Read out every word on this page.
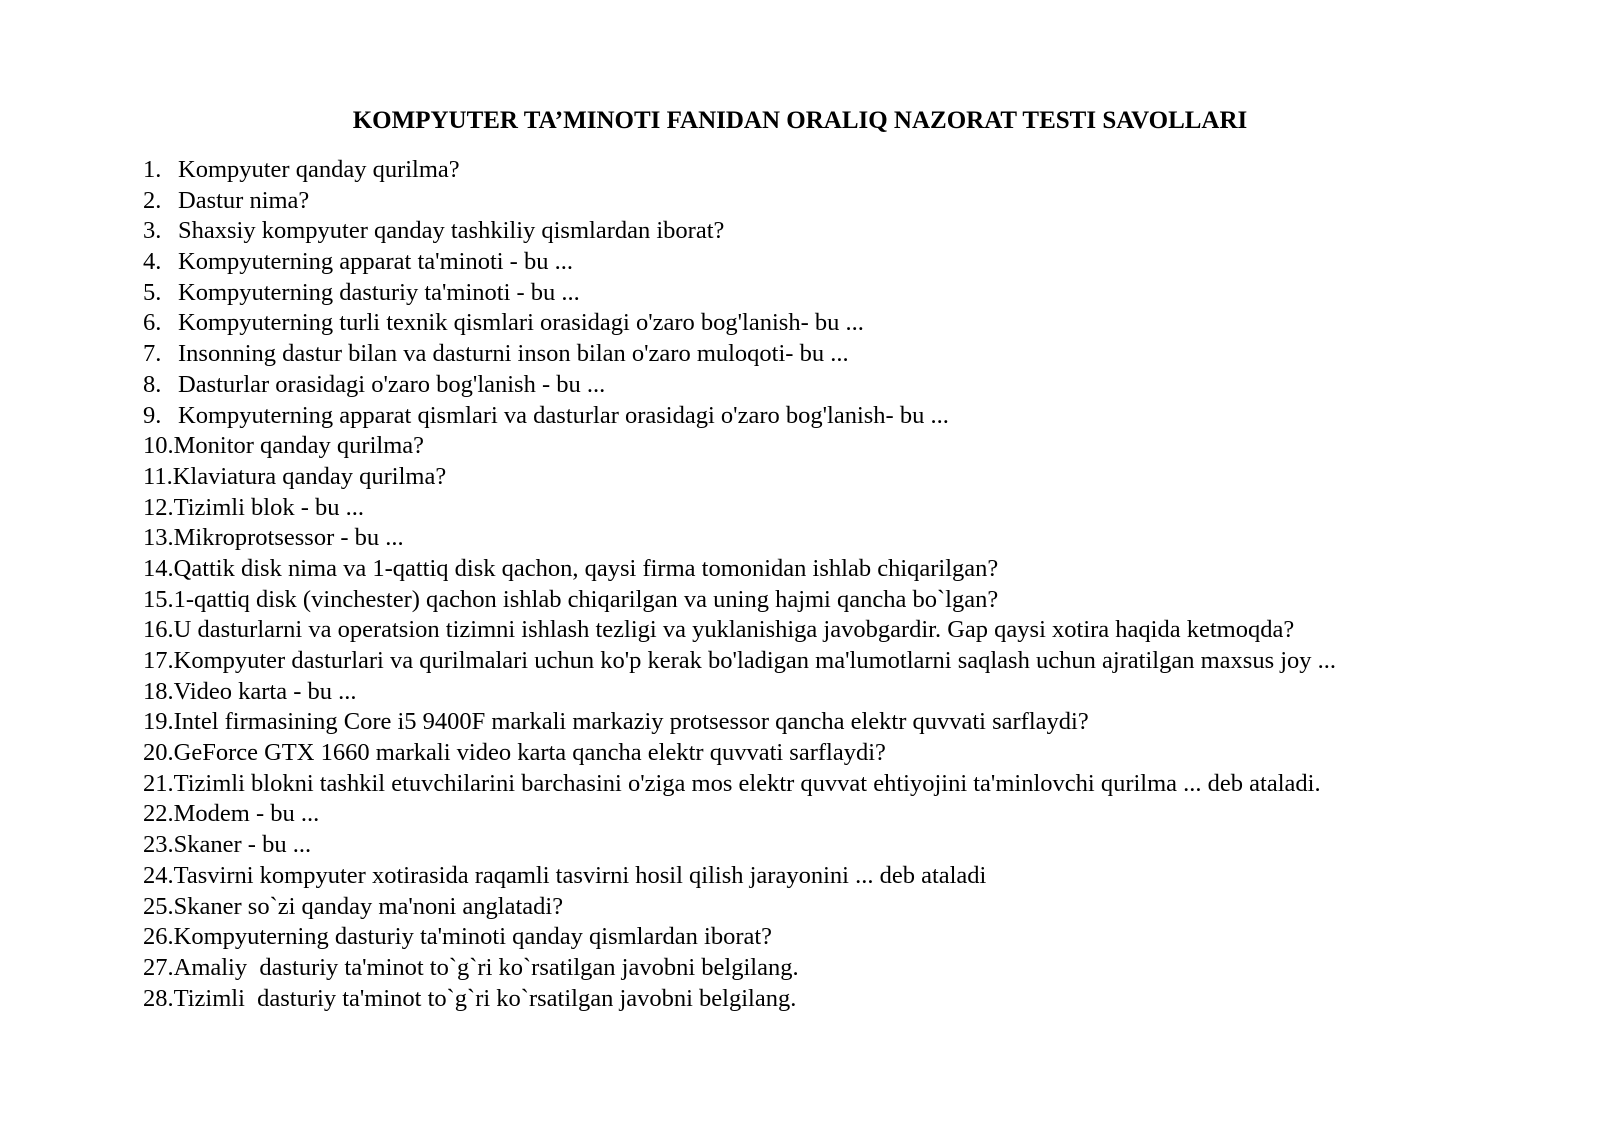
KOMPYUTER TA’MINOTI FANIDAN ORALIQ NAZORAT TESTI SAVOLLARI
1. Kompyuter qanday qurilma?
2. Dastur nima?
3. Shaxsiy kompyuter qanday tashkiliy qismlardan iborat?
4. Kompyuterning apparat ta'minoti - bu ...
5. Kompyuterning dasturiy ta'minoti - bu ...
6. Kompyuterning turli texnik qismlari orasidagi o'zaro bog'lanish- bu ...
7. Insonning dastur bilan va dasturni inson bilan o'zaro muloqoti- bu ...
8. Dasturlar orasidagi o'zaro bog'lanish - bu ...
9. Kompyuterning apparat qismlari va dasturlar orasidagi o'zaro bog'lanish- bu ...
10. Monitor qanday qurilma?
11. Klaviatura qanday qurilma?
12. Tizimli blok - bu ...
13. Mikroprotsessor - bu ...
14. Qattik disk nima va 1-qattiq disk qachon, qaysi firma tomonidan ishlab chiqarilgan?
15. 1-qattiq disk (vinchester) qachon ishlab chiqarilgan va uning hajmi qancha bo`lgan?
16. U dasturlarni va operatsion tizimni ishlash tezligi va yuklanishiga javobgardir. Gap qaysi xotira haqida ketmoqda?
17. Kompyuter dasturlari va qurilmalari uchun ko'p kerak bo'ladigan ma'lumotlarni saqlash uchun ajratilgan maxsus joy ...
18. Video karta - bu ...
19. Intel firmasining Core i5 9400F markali markaziy protsessor qancha elektr quvvati sarflaydi?
20. GeForce GTX 1660 markali video karta qancha elektr quvvati sarflaydi?
21. Tizimli blokni tashkil etuvchilarini barchasini o'ziga mos elektr quvvat ehtiyojini ta'minlovchi qurilma ... deb ataladi.
22. Modem - bu ...
23. Skaner - bu ...
24. Tasvirni kompyuter xotirasida raqamli tasvirni hosil qilish jarayonini ... deb ataladi
25. Skaner so`zi qanday ma'noni anglatadi?
26. Kompyuterning dasturiy ta'minoti qanday qismlardan iborat?
27. Amaliy  dasturiy ta'minot to`g`ri ko`rsatilgan javobni belgilang.
28. Tizimli  dasturiy ta'minot to`g`ri ko`rsatilgan javobni belgilang.
